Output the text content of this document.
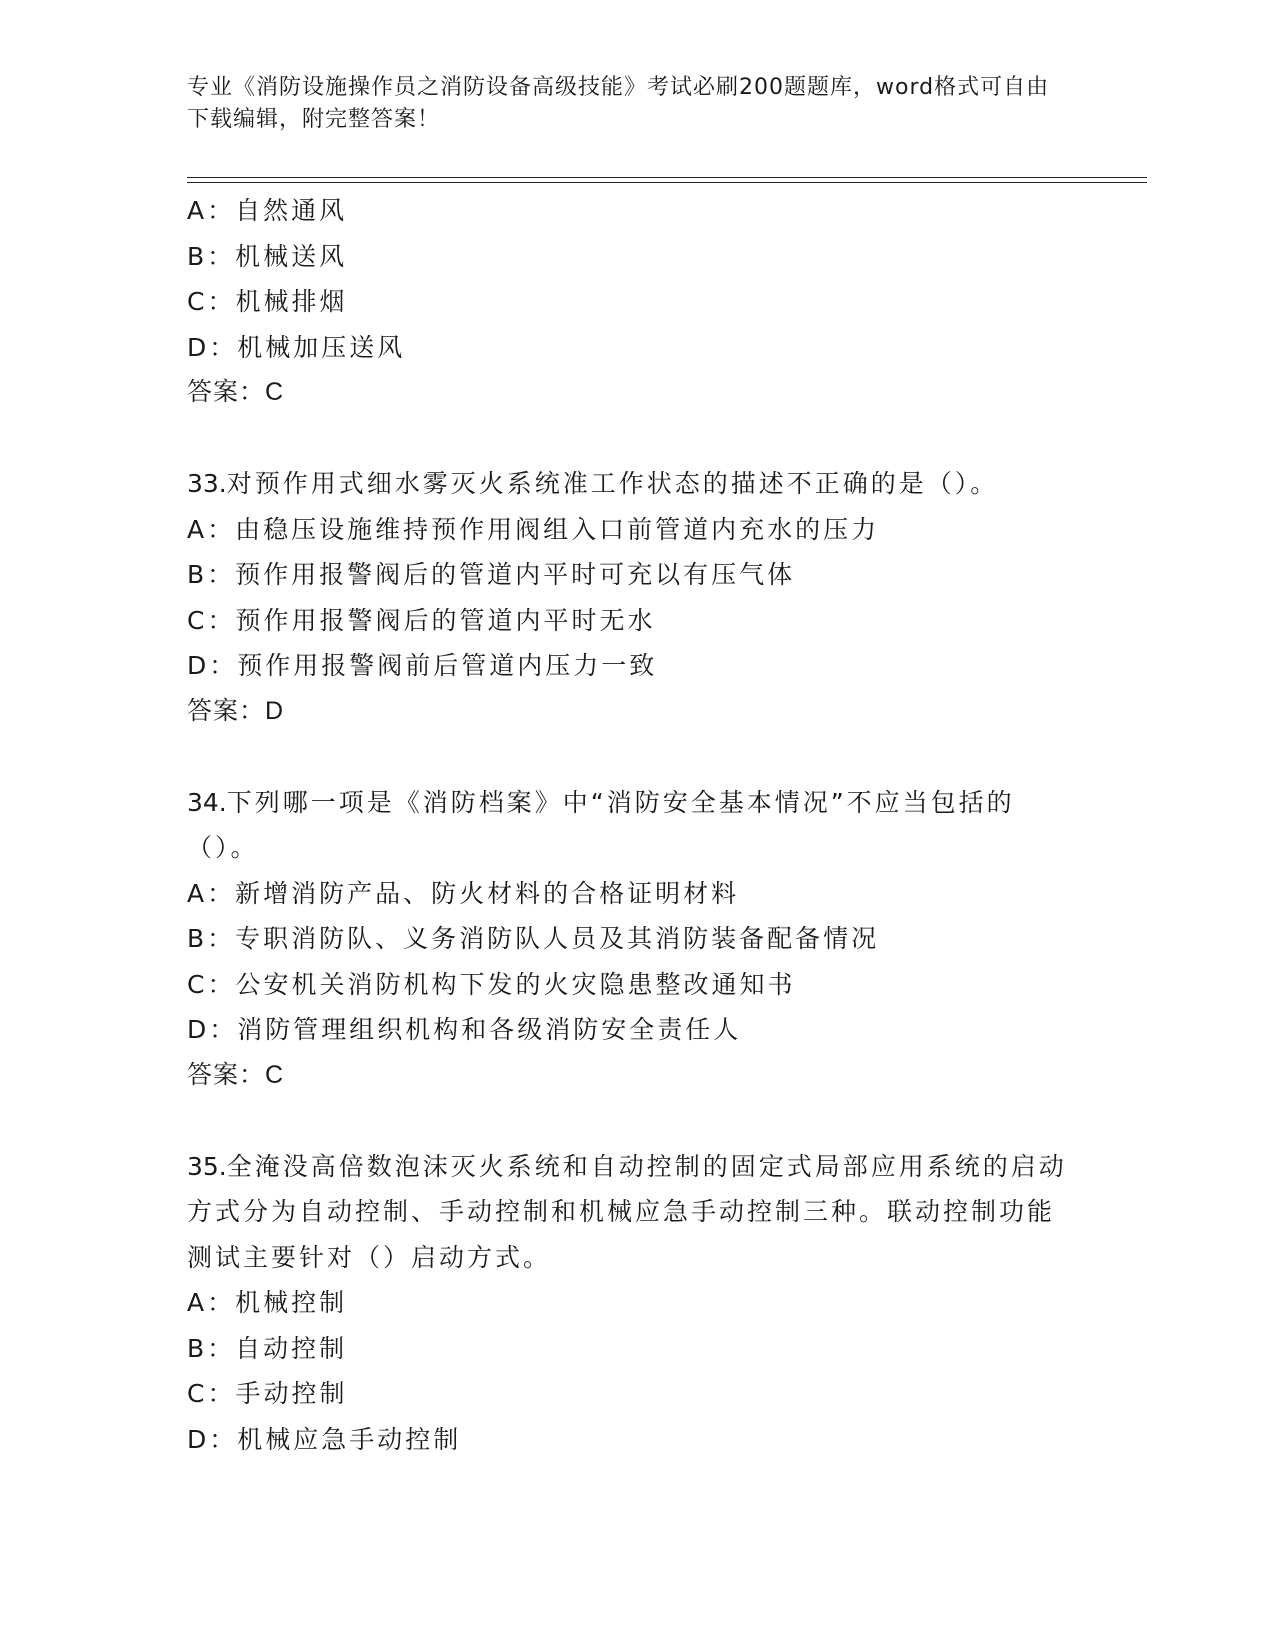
专业《消防设施操作员之消防设备高级技能》考试必刷200题题库，word格式可自由下载编辑，附完整答案！
A：自然通风
B：机械送风
C：机械排烟
D：机械加压送风
答案：C
33.对预作用式细水雾灭火系统准工作状态的描述不正确的是（）。
A：由稳压设施维持预作用阀组入口前管道内充水的压力
B：预作用报警阀后的管道内平时可充以有压气体
C：预作用报警阀后的管道内平时无水
D：预作用报警阀前后管道内压力一致
答案：D
34.下列哪一项是《消防档案》中“消防安全基本情况”不应当包括的（）。
A：新增消防产品、防火材料的合格证明材料
B：专职消防队、义务消防队人员及其消防装备配备情况
C：公安机关消防机构下发的火灾隐患整改通知书
D：消防管理组织机构和各级消防安全责任人
答案：C
35.全淹没高倍数泡沫灭火系统和自动控制的固定式局部应用系统的启动方式分为自动控制、手动控制和机械应急手动控制三种。联动控制功能测试主要针对（）启动方式。
A：机械控制
B：自动控制
C：手动控制
D：机械应急手动控制
